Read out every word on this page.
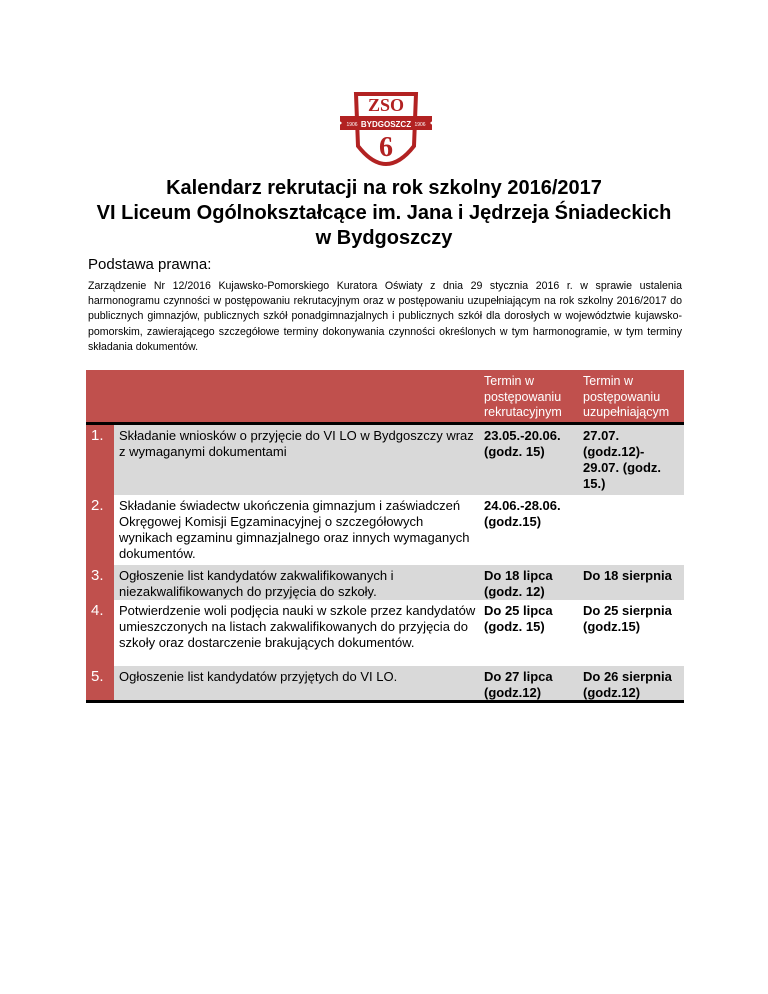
ZSO
BYDGOSZCZ
1906	1906
6
Kalendarz rekrutacji na rok szkolny 2016/2017
VI Liceum Ogólnokształcące im. Jana i Jędrzeja Śniadeckich
w Bydgoszczy
Podstawa prawna:
Zarządzenie Nr 12/2016 Kujawsko-Pomorskiego Kuratora Oświaty z dnia 29 stycznia 2016 r. w sprawie ustalenia harmonogramu czynności w postępowaniu rekrutacyjnym oraz w postępowaniu uzupełniającym na rok szkolny 2016/2017 do publicznych gimnazjów, publicznych szkół ponadgimnazjalnych i publicznych szkół dla dorosłych w województwie kujawsko-pomorskim, zawierającego szczegółowe terminy dokonywania czynności określonych w tym harmonogramie, w tym terminy składania dokumentów.
Termin w postępowaniu rekrutacyjnym
Termin w postępowaniu uzupełniającym
1. Składanie wniosków o przyjęcie do VI LO w Bydgoszczy wraz z wymaganymi dokumentami
23.05.-20.06. (godz. 15)
27.07. (godz.12)- 29.07. (godz. 15.)
2. Składanie świadectw ukończenia gimnazjum i zaświadczeń Okręgowej Komisji Egzaminacyjnej o szczegółowych wynikach egzaminu gimnazjalnego oraz innych wymaganych dokumentów.
24.06.-28.06. (godz.15)
3. Ogłoszenie list kandydatów zakwalifikowanych i niezakwalifikowanych do przyjęcia do szkoły.
Do 18 lipca (godz. 12)
Do 18 sierpnia
4. Potwierdzenie woli podjęcia nauki w szkole przez kandydatów umieszczonych na listach zakwalifikowanych do przyjęcia do szkoły oraz dostarczenie brakujących dokumentów.
Do 25 lipca (godz. 15)
Do 25 sierpnia (godz.15)
5. Ogłoszenie list kandydatów przyjętych do VI LO.	Do 27 lipca (godz.12)
Do 26 sierpnia (godz.12)
